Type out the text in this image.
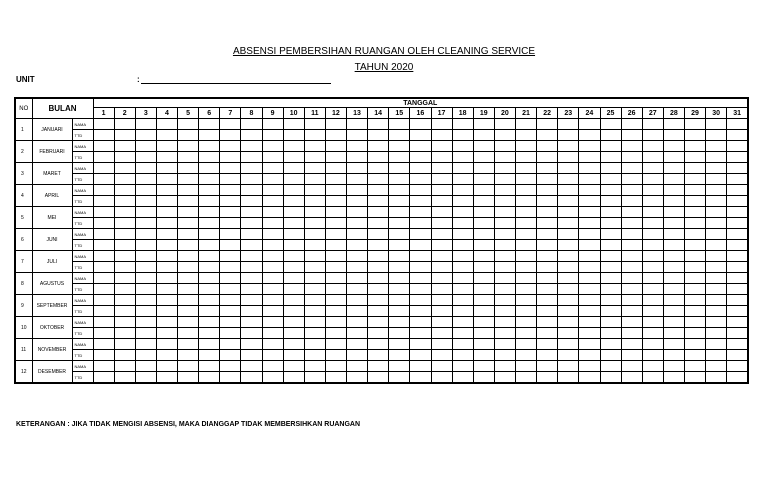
ABSENSI PEMBERSIHAN RUANGAN OLEH CLEANING SERVICE
TAHUN 2020
UNIT	:
NO	BULAN		TANGGAL																														
			1	2	3	4	5	6	7	8	9	10	11	12	13	14	15	16	17	18	19	20	21	22	23	24	25	26	27	28	29	30	31
1	JANUARI	NAMA																															
		TTD																															
2	FEBRUARI	NAMA																															
		TTD																															
3	MARET	NAMA																															
		TTD																															
4	APRIL	NAMA																															
		TTD																															
5	MEI	NAMA																															
		TTD																															
6	JUNI	NAMA																															
		TTD																															
7	JULI	NAMA																															
		TTD																															
8	AGUSTUS	NAMA																															
		TTD																															
9	SEPTEMBER	NAMA																															
		TTD																															
10	OKTOBER	NAMA																															
		TTD																															
11	NOVEMBER	NAMA																															
		TTD																															
12	DESEMBER	NAMA																															
		TTD																															
KETERANGAN : JIKA TIDAK MENGISI ABSENSI, MAKA DIANGGAP TIDAK MEMBERSIHKAN RUANGAN
